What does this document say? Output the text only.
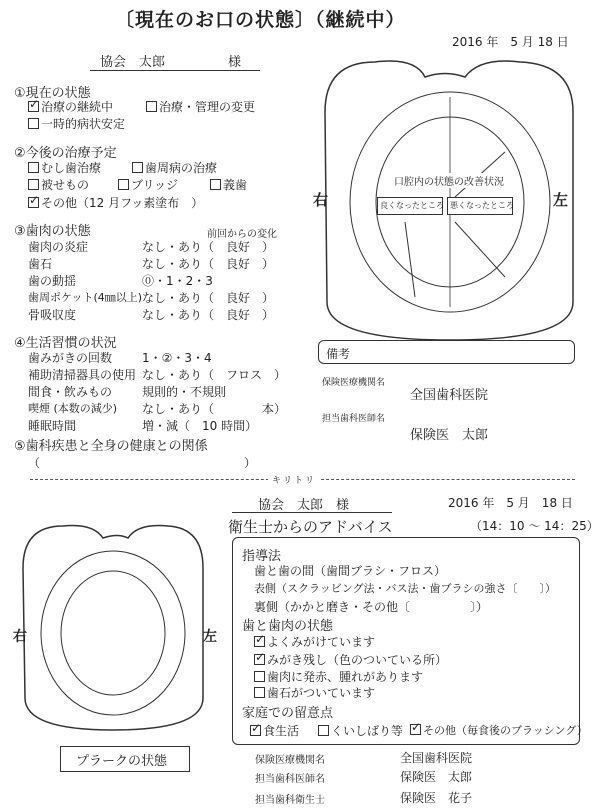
〔現在のお口の状態〕（継続中）
2016 年　5 月 18 日
協会　太郎	様
①現在の状態
✓治療の継続中	治療・管理の変更
一時的病状安定
②今後の治療予定
むし歯治療	歯周病の治療
被せもの	ブリッジ	義歯
✓その他（12 月フッ素塗布　）
③歯肉の状態	前回からの変化
歯肉の炎症	なし・あり（　良好　）
歯石	なし・あり（　良好　）
歯の動揺	⓪・1・2・3
歯周ポケット(4㎜以上) なし・あり（　良好　）
骨吸収度	なし・あり（　良好　）
④生活習慣の状況
歯みがきの回数 1・②・3・4
補助清掃器具の使用 なし・あり（　フロス　）
間食・飲みもの 規則的・不規則
喫煙 (本数の減少) なし・あり（　　　　本）
睡眠時間	増・減（　10 時間）
⑤歯科疾患と全身の健康との関係
（　　　　　　　　　　　　　　　　　）
右	左
口腔内の状態の改善状況
良くなったところ 悪くなったところ
備考
保険医療機関名
全国歯科医院
担当歯科医師名
保険医　太郎
キリトリ
協会　太郎　様	2016 年　5 月　18 日
衛生士からのアドバイス	（14：10 〜 14：25）
右	左
プラークの状態
指導法
歯と歯の間（歯間ブラシ・フロス）
表側（スクラッビング法・バス法・歯ブラシの強さ〔　　〕）
裏側（かかと磨き・その他〔　　　　　〕）
歯と歯肉の状態
✓よくみがけています
✓みがき残し（色のついている所）
歯肉に発赤、腫れがあります
歯石がついています
家庭での留意点
✓食生活	くいしばり等
✓	その他（毎食後のブラッシング）
保険医療機関名	全国歯科医院
担当歯科医師名	保険医　太郎
担当歯科衛生士	保険医　花子
